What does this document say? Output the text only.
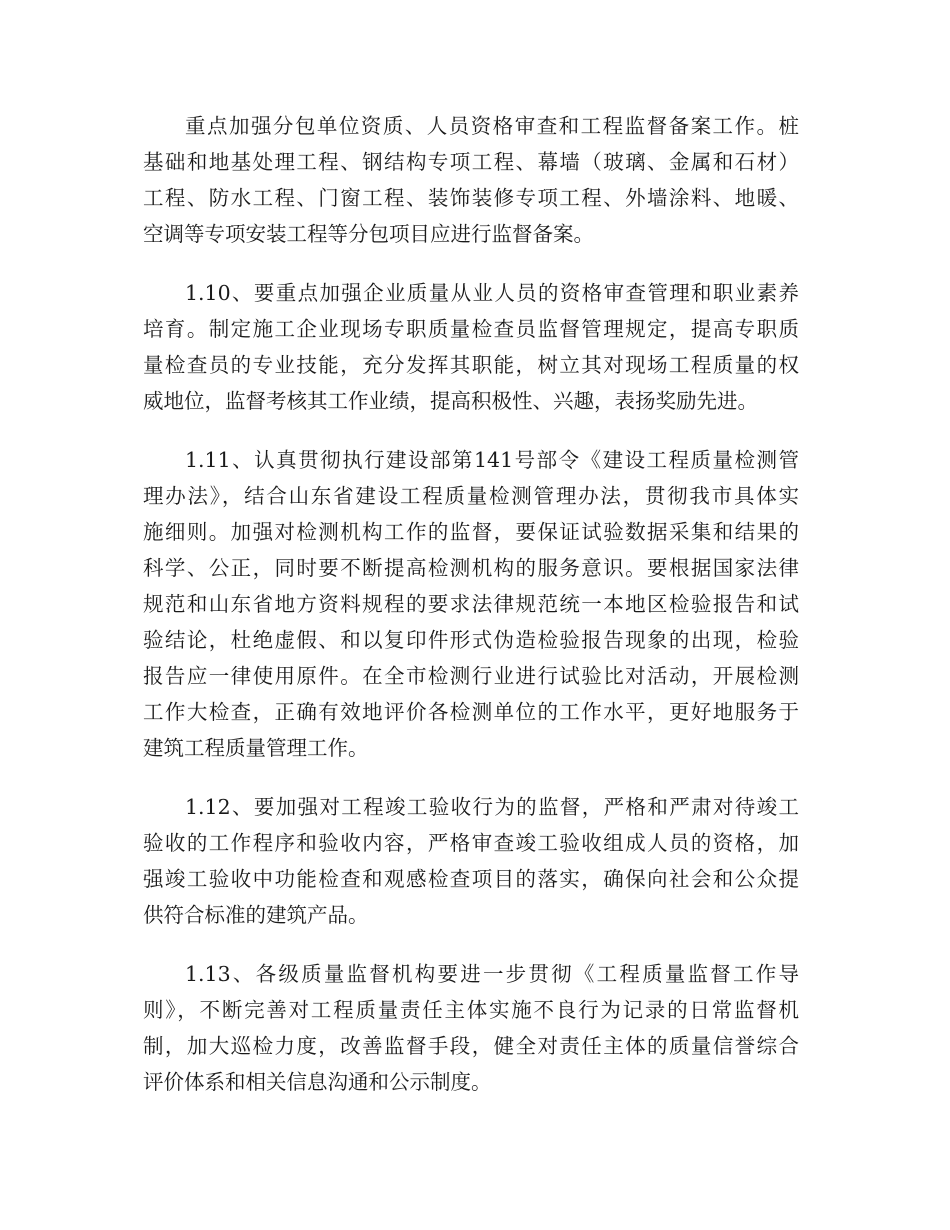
重点加强分包单位资质、人员资格审查和工程监督备案工作。桩
基础和地基处理工程、钢结构专项工程、幕墙（玻璃、金属和石材）
工程、防水工程、门窗工程、装饰装修专项工程、外墙涂料、地暖、
空调等专项安装工程等分包项目应进行监督备案。
1.10、要重点加强企业质量从业人员的资格审查管理和职业素养
培育。制定施工企业现场专职质量检查员监督管理规定，提高专职质
量检查员的专业技能，充分发挥其职能，树立其对现场工程质量的权
威地位，监督考核其工作业绩，提高积极性、兴趣，表扬奖励先进。
1.11、认真贯彻执行建设部第141号部令《建设工程质量检测管
理办法》，结合山东省建设工程质量检测管理办法，贯彻我市具体实
施细则。加强对检测机构工作的监督，要保证试验数据采集和结果的
科学、公正，同时要不断提高检测机构的服务意识。要根据国家法律
规范和山东省地方资料规程的要求法律规范统一本地区检验报告和试
验结论，杜绝虚假、和以复印件形式伪造检验报告现象的出现，检验
报告应一律使用原件。在全市检测行业进行试验比对活动，开展检测
工作大检查，正确有效地评价各检测单位的工作水平，更好地服务于
建筑工程质量管理工作。
1.12、要加强对工程竣工验收行为的监督，严格和严肃对待竣工
验收的工作程序和验收内容，严格审查竣工验收组成人员的资格，加
强竣工验收中功能检查和观感检查项目的落实，确保向社会和公众提
供符合标准的建筑产品。
1.13、各级质量监督机构要进一步贯彻《工程质量监督工作导
则》，不断完善对工程质量责任主体实施不良行为记录的日常监督机
制，加大巡检力度，改善监督手段，健全对责任主体的质量信誉综合
评价体系和相关信息沟通和公示制度。
